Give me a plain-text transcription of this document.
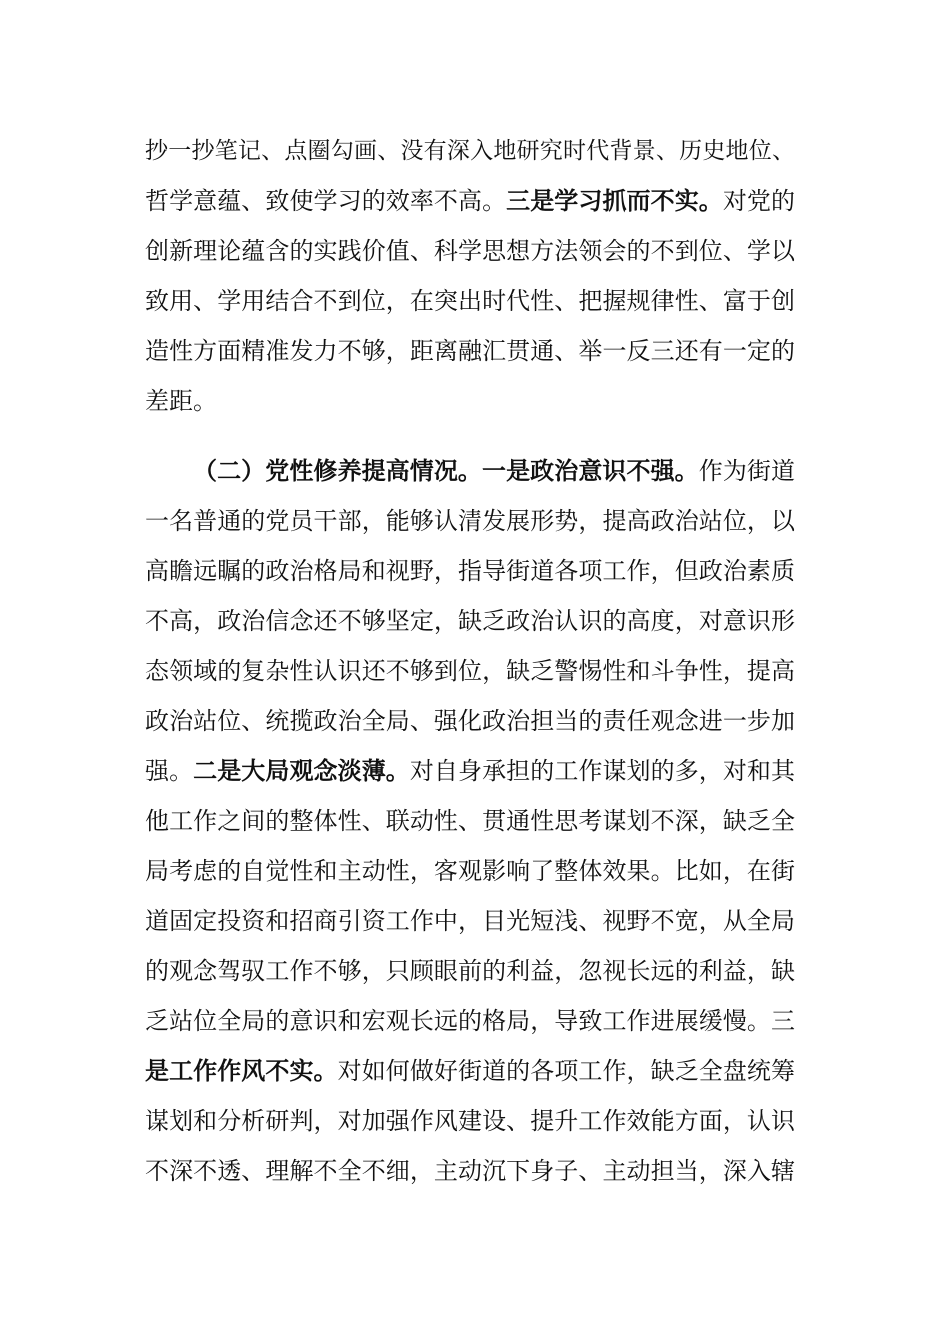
抄一抄笔记、点圈勾画、没有深入地研究时代背景、历史地位、
哲学意蕴、致使学习的效率不高。三是学习抓而不实。对党的
创新理论蕴含的实践价值、科学思想方法领会的不到位、学以
致用、学用结合不到位，在突出时代性、把握规律性、富于创
造性方面精准发力不够，距离融汇贯通、举一反三还有一定的
差距。
（二）党性修养提高情况。一是政治意识不强。作为街道
一名普通的党员干部，能够认清发展形势，提高政治站位，以
高瞻远瞩的政治格局和视野，指导街道各项工作，但政治素质
不高，政治信念还不够坚定，缺乏政治认识的高度，对意识形
态领域的复杂性认识还不够到位，缺乏警惕性和斗争性，提高
政治站位、统揽政治全局、强化政治担当的责任观念进一步加
强。二是大局观念淡薄。对自身承担的工作谋划的多，对和其
他工作之间的整体性、联动性、贯通性思考谋划不深，缺乏全
局考虑的自觉性和主动性，客观影响了整体效果。比如，在街
道固定投资和招商引资工作中，目光短浅、视野不宽，从全局
的观念驾驭工作不够，只顾眼前的利益，忽视长远的利益，缺
乏站位全局的意识和宏观长远的格局，导致工作进展缓慢。三
是工作作风不实。对如何做好街道的各项工作，缺乏全盘统筹
谋划和分析研判，对加强作风建设、提升工作效能方面，认识
不深不透、理解不全不细，主动沉下身子、主动担当，深入辖
